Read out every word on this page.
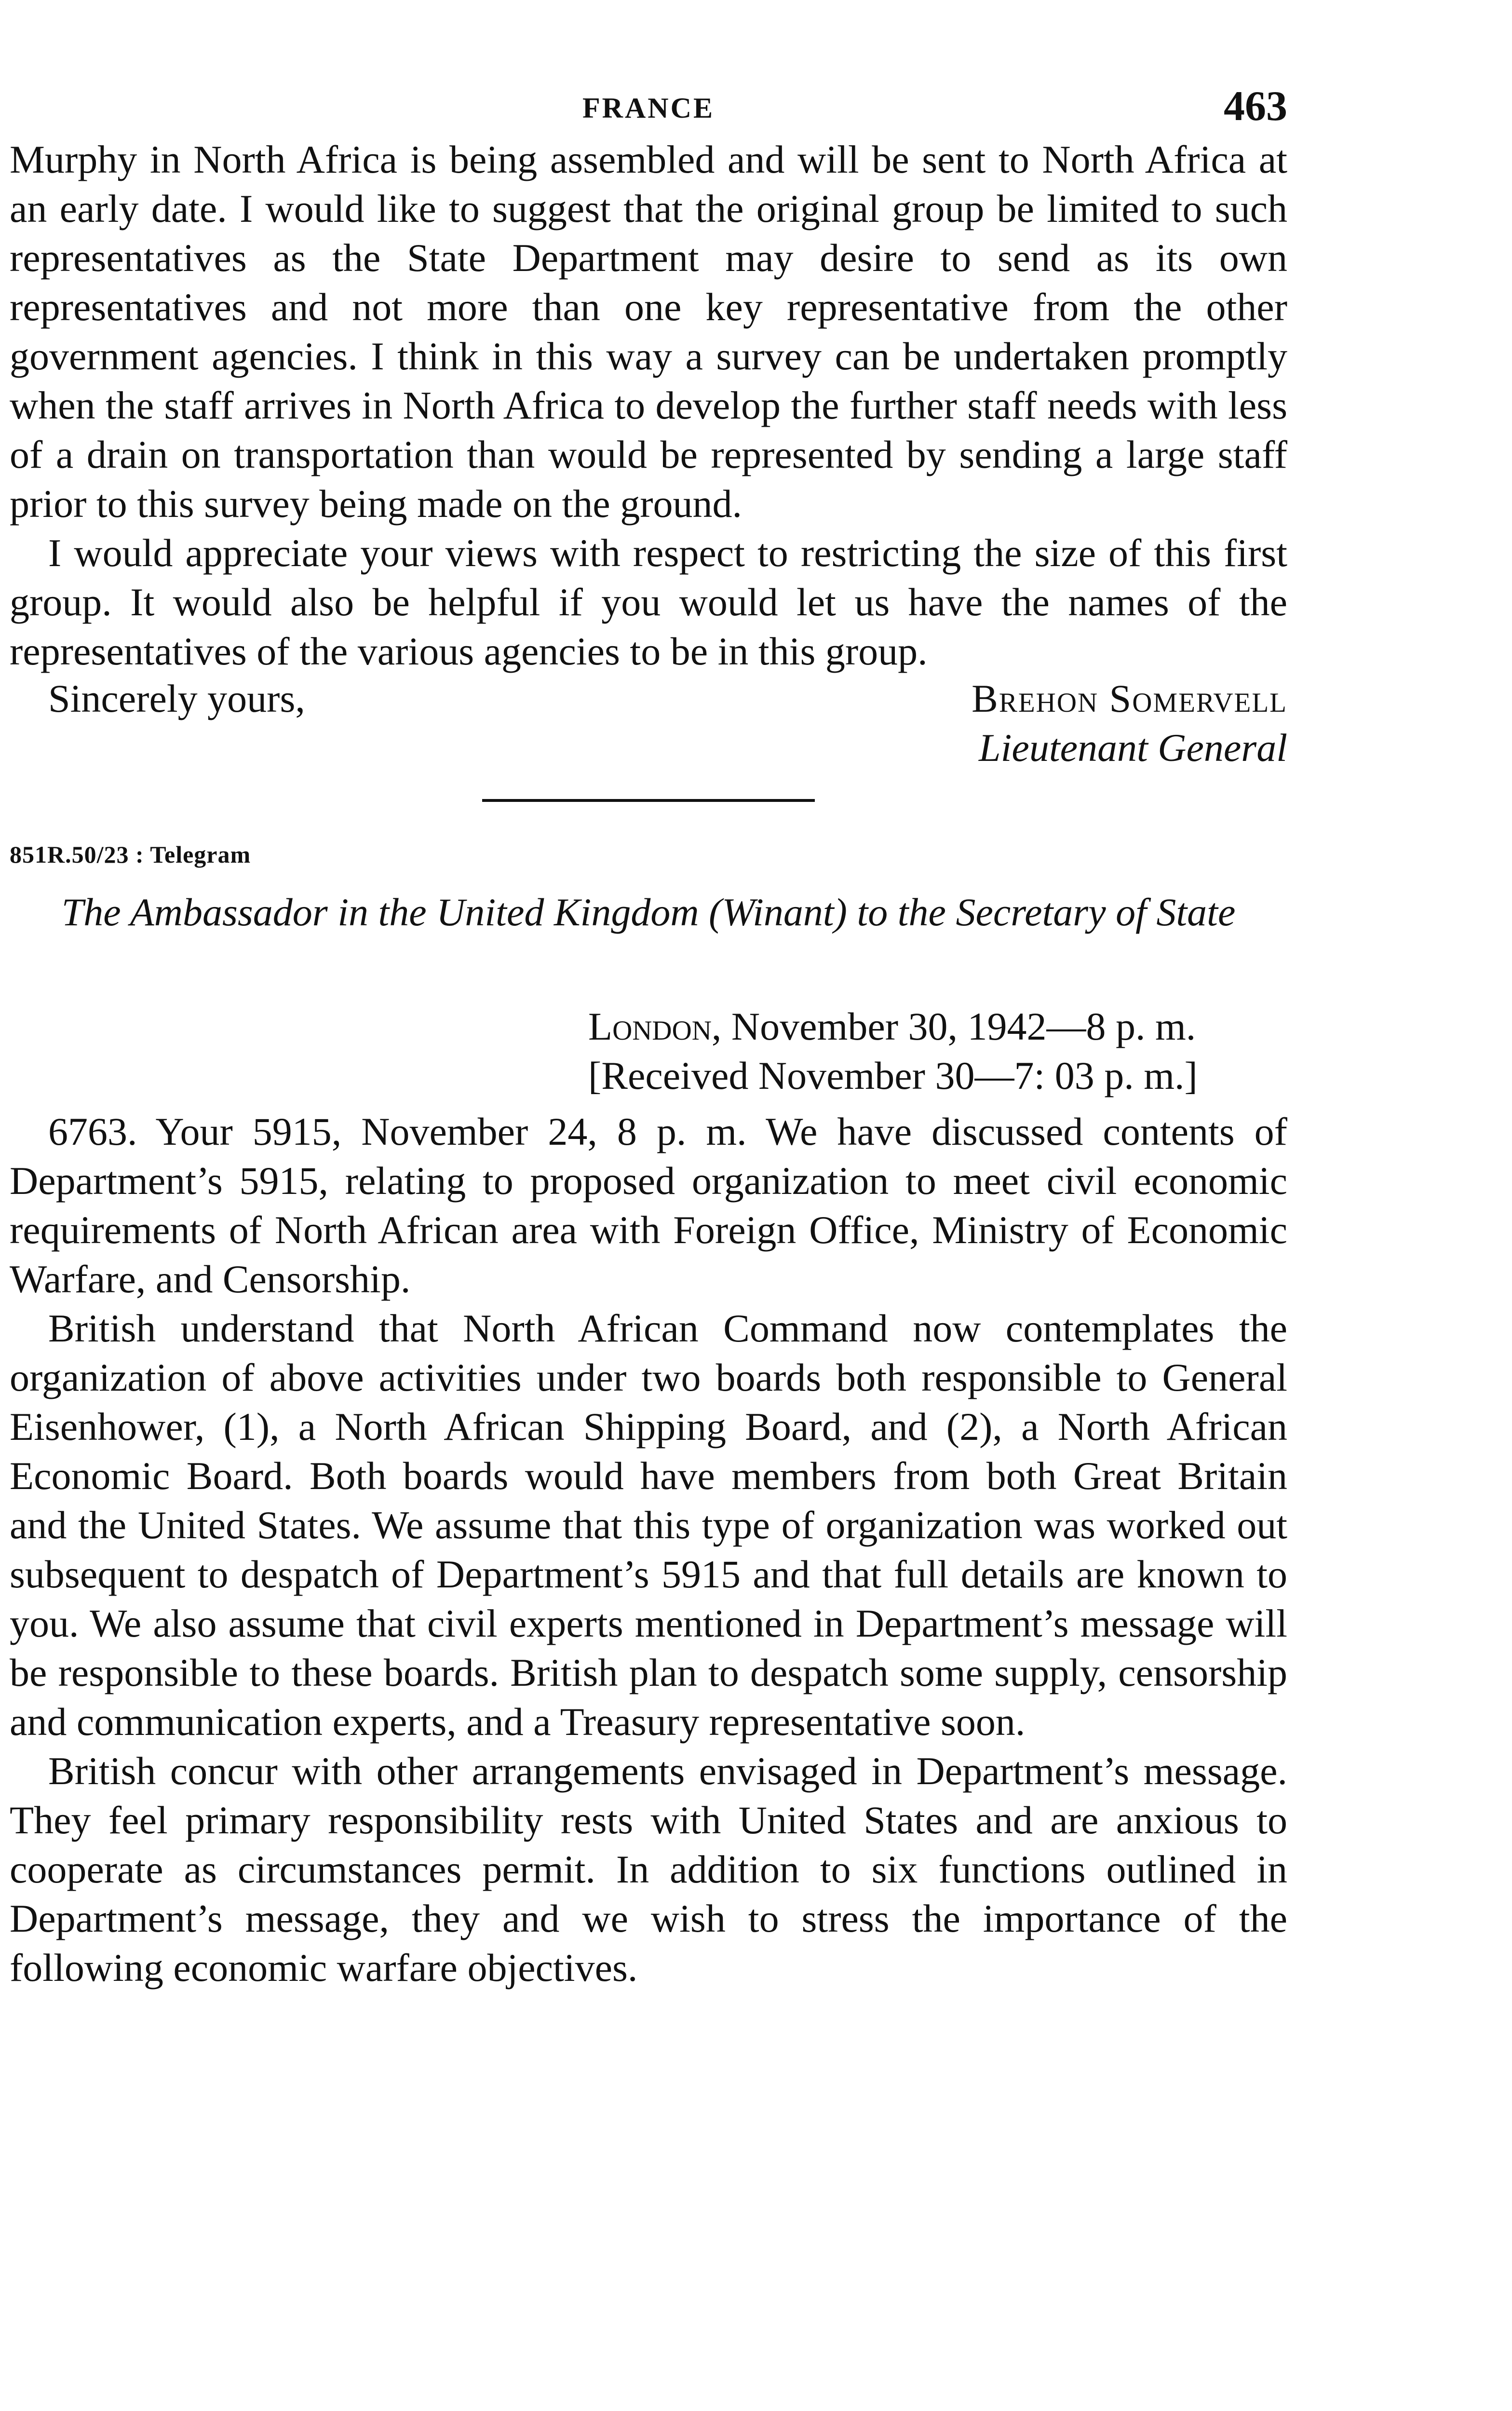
FRANCE	463

Murphy in North Africa is being assembled and will be sent to North Africa at an early date. I would like to suggest that the original group be limited to such representatives as the State Department may desire to send as its own representatives and not more than one key representative from the other government agencies. I think in this way a survey can be undertaken promptly when the staff arrives in North Africa to develop the further staff needs with less of a drain on transportation than would be represented by sending a large staff prior to this survey being made on the ground.

I would appreciate your views with respect to restricting the size of this first group. It would also be helpful if you would let us have the names of the representatives of the various agencies to be in this group.

Sincerely yours,	Brehon Somervell
Lieutenant General
851R.50/23 : Telegram
The Ambassador in the United Kingdom (Winant) to the Secretary of State
London, November 30, 1942—8 p. m.
[Received November 30—7: 03 p. m.]

6763. Your 5915, November 24, 8 p. m. We have discussed contents of Department’s 5915, relating to proposed organization to meet civil economic requirements of North African area with Foreign Office, Ministry of Economic Warfare, and Censorship.

British understand that North African Command now contemplates the organization of above activities under two boards both responsible to General Eisenhower, (1), a North African Shipping Board, and (2), a North African Economic Board. Both boards would have members from both Great Britain and the United States. We assume that this type of organization was worked out subsequent to despatch of Department’s 5915 and that full details are known to you. We also assume that civil experts mentioned in Department’s message will be responsible to these boards. British plan to despatch some supply, censorship and communication experts, and a Treasury representative soon.

British concur with other arrangements envisaged in Department’s message. They feel primary responsibility rests with United States and are anxious to cooperate as circumstances permit. In addition to six functions outlined in Department’s message, they and we wish to stress the importance of the following economic warfare objectives.
